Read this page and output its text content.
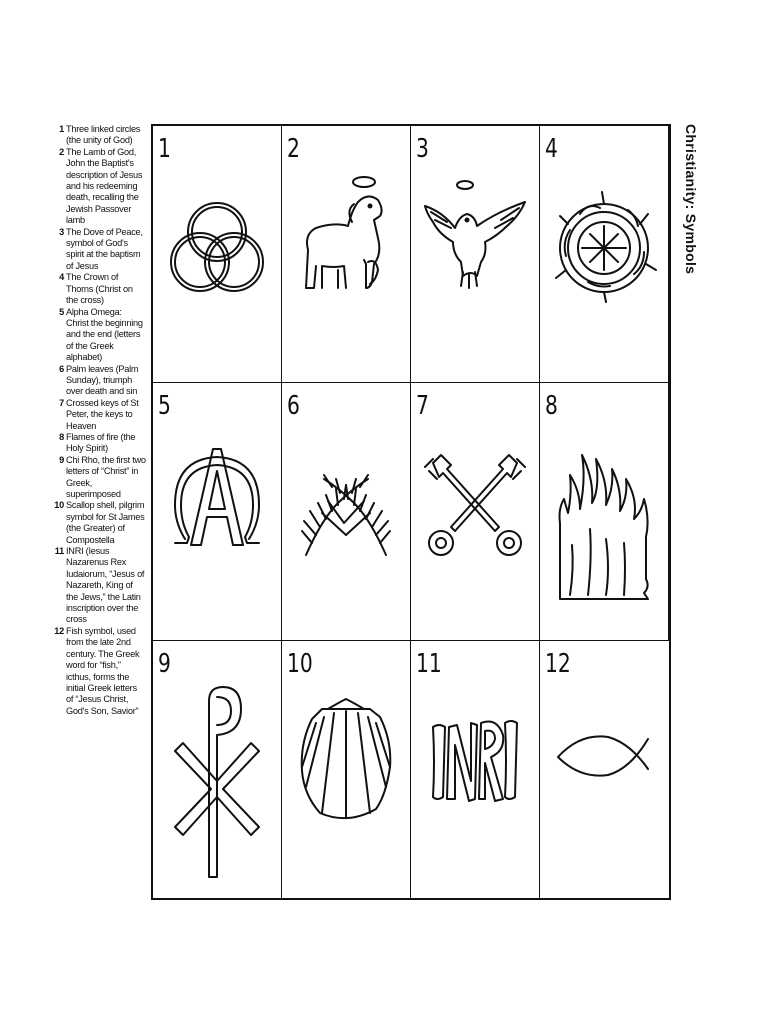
1 Three linked circles (the unity of God)
2 The Lamb of God, John the Baptist's description of Jesus and his redeeming death, recalling the Jewish Passover lamb
3 The Dove of Peace, symbol of God's spirit at the baptism of Jesus
4 The Crown of Thorns (Christ on the cross)
5 Alpha Omega: Christ the beginning and the end (letters of the Greek alphabet)
6 Palm leaves (Palm Sunday), triumph over death and sin
7 Crossed keys of St Peter, the keys to Heaven
8 Flames of fire (the Holy Spirit)
9 Chi Rho, the first two letters of “Christ” in Greek, superimposed
10 Scallop shell, pilgrim symbol for St James (the Greater) of Compostella
11 INRI (Iesus Nazarenus Rex Iudaiorum, “Jesus of Nazareth, King of the Jews,” the Latin inscription over the cross
12 Fish symbol, used from the late 2nd century. The Greek word for “fish,” icthus, forms the initial Greek letters of “Jesus Christ, God's Son, Savior”
1	2	3	4
5	6	7	8
9	10	11	12
Christianity: Symbols
